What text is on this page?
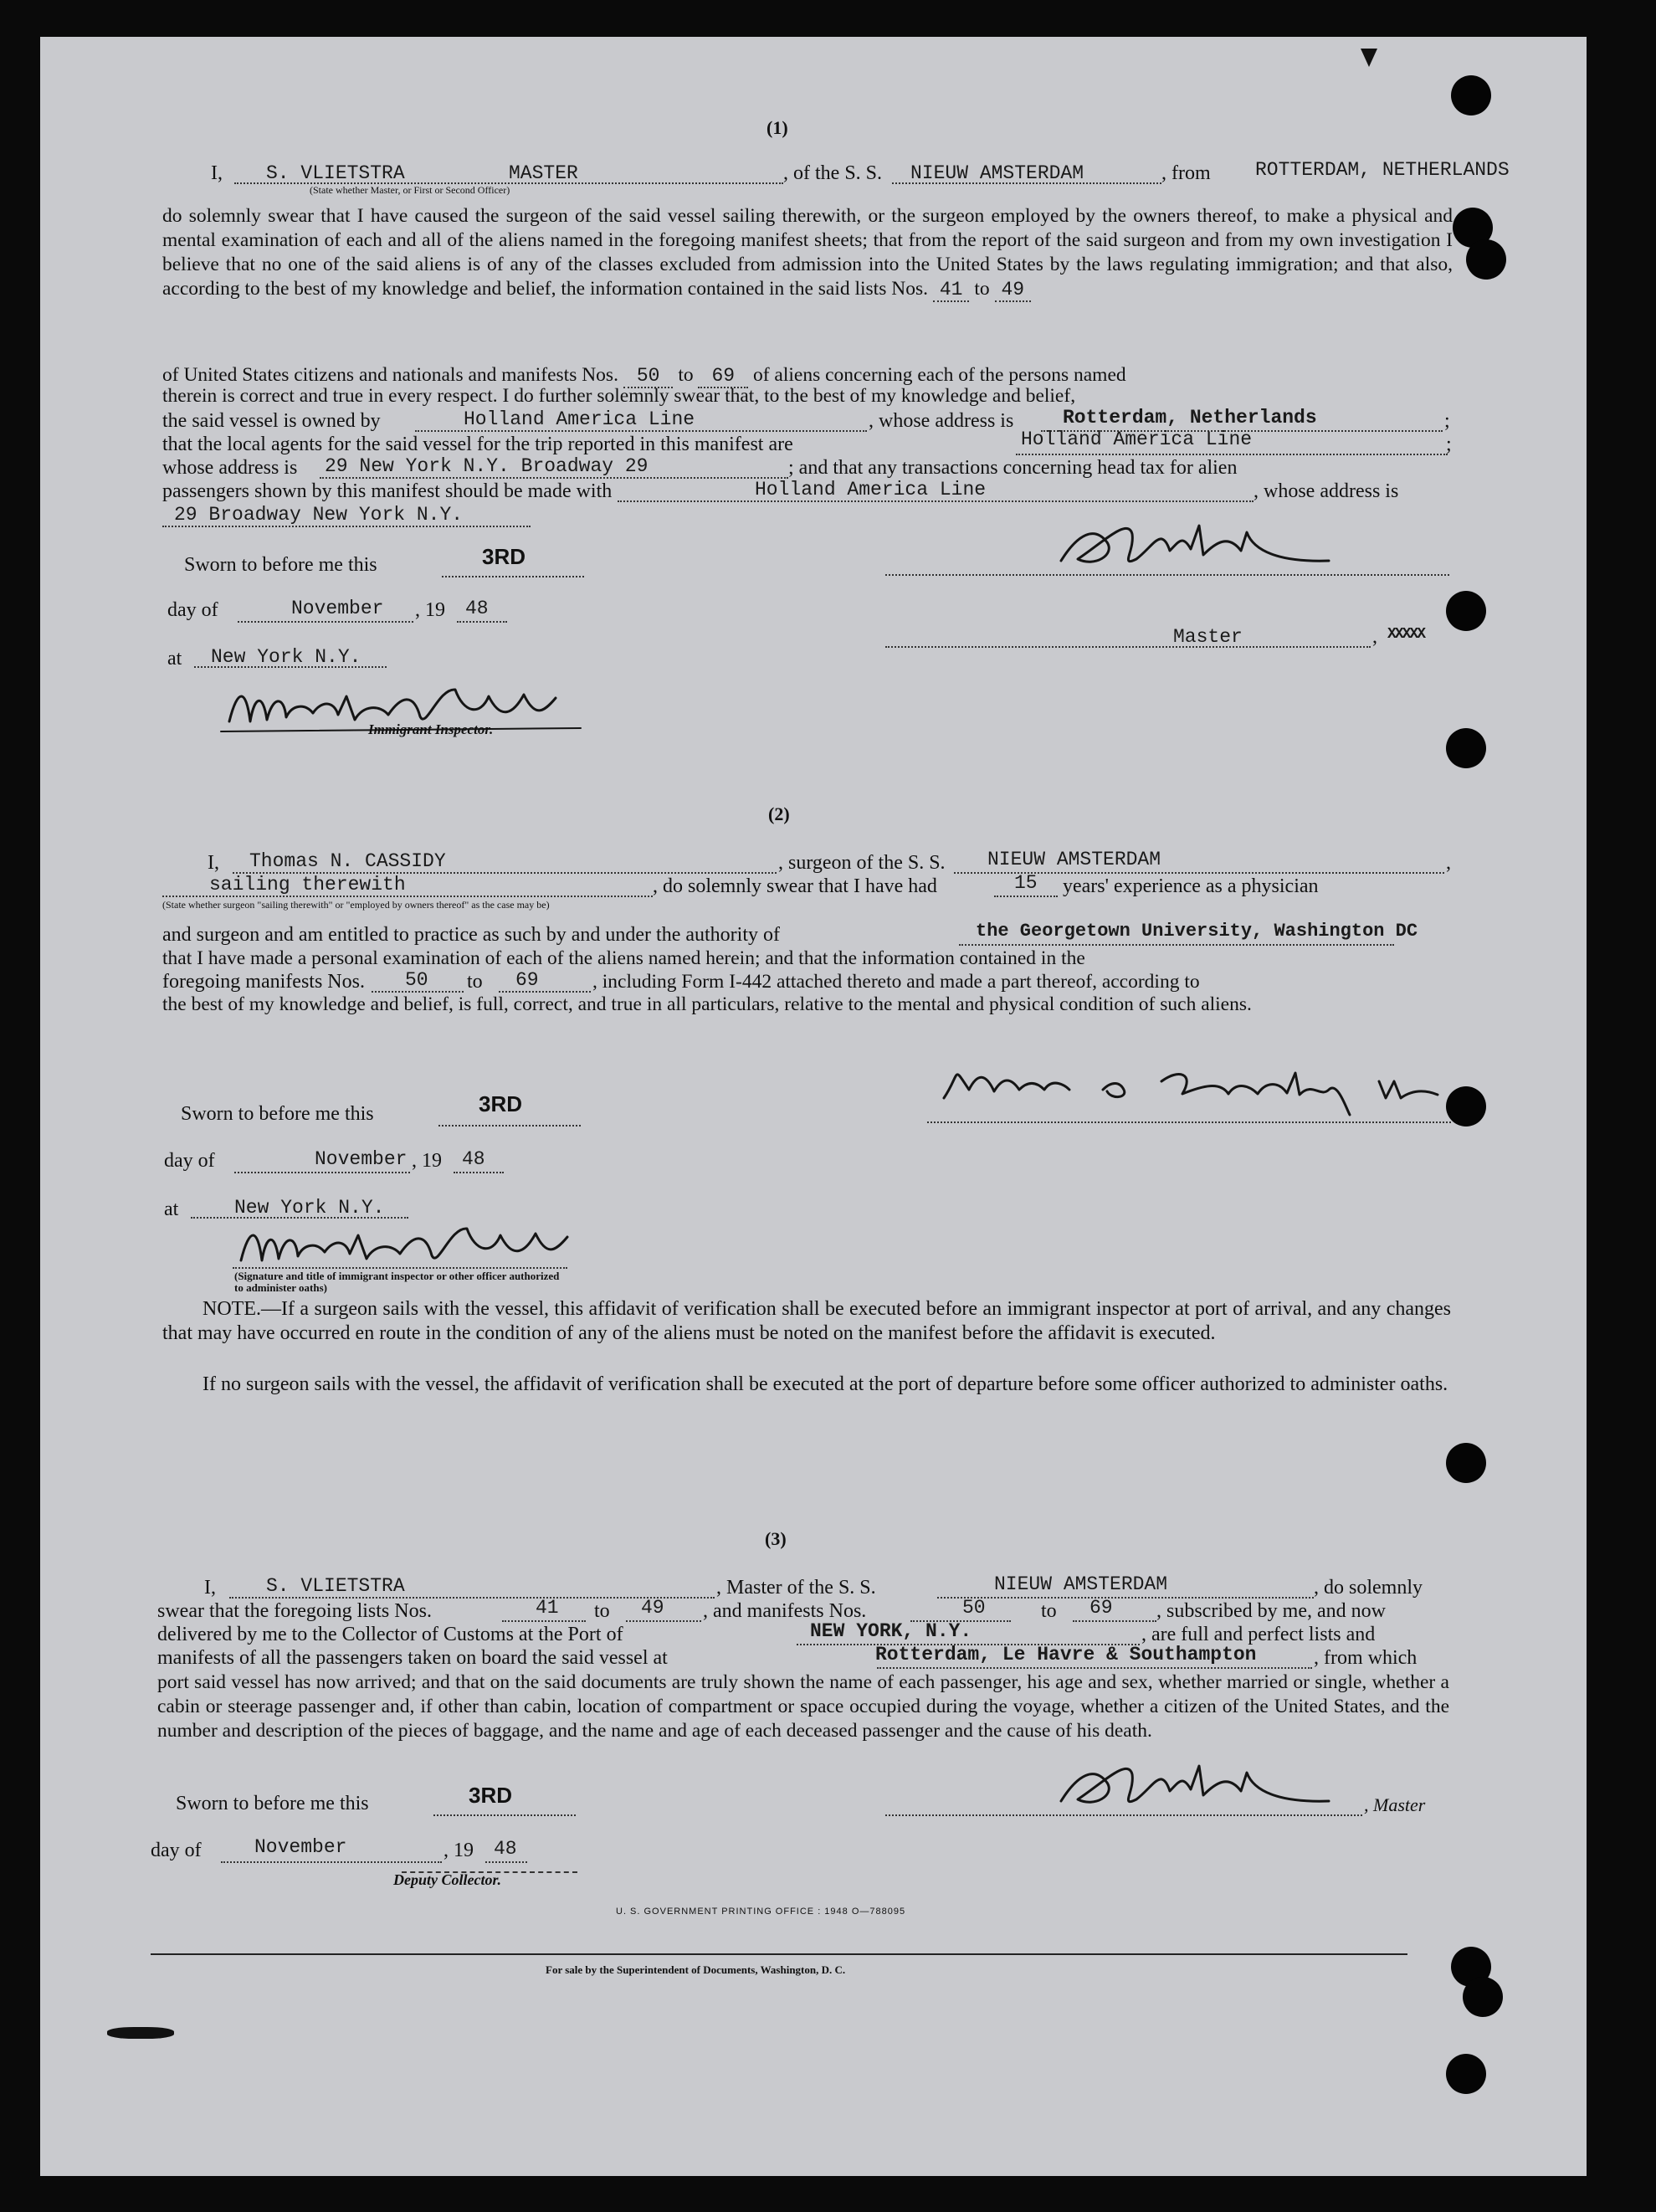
(1)
I, S. VLIETSTRA	MASTER
(State whether Master, or First or Second Officer)
, of the S. S. NIEUW AMSTERDAM	, from ROTTERDAM, NETHERLANDS
do solemnly swear that I have caused the surgeon of the said vessel sailing therewith, or the surgeon employed by the owners thereof, to make a physical and mental examination of each and all of the aliens named in the foregoing manifest sheets; that from the report of the said surgeon and from my own investigation I believe that no one of the said aliens is of any of the classes excluded from admission into the United States by the laws regulating immigration; and that also, according to the best of my knowledge and belief, the information contained in the said lists Nos. 41 to 49
of United States citizens and nationals and manifests Nos. 50 to 69 of aliens concerning each of the persons named
therein is correct and true in every respect. I do further solemnly swear that, to the best of my knowledge and belief,
the said vessel is owned by	Holland America Line	, whose address is	Rotterdam, Netherlands	;
that the local agents for the said vessel for the trip reported in this manifest are	Holland America Line	;
whose address is 29 New York N.Y. Broadway 29	; and that any transactions concerning head tax for alien
passengers shown by this manifest should be made with	Holland America Line	, whose address is
29 Broadway New York N.Y.
Sworn to before me this	3RD
day of	November , 19 48
at New York N.Y.
Immigrant Inspector.
Master	, XXXXX
(2)
I, Thomas N. CASSIDY	, surgeon of the S. S. NIEUW AMSTERDAM	,
sailing therewith	, do solemnly swear that I have had	15 years' experience as a physician
(State whether surgeon "sailing therewith" or "employed by owners thereof" as the case may be)
and surgeon and am entitled to practice as such by and under the authority of	the Georgetown University, Washington DC
that I have made a personal examination of each of the aliens named herein; and that the information contained in the
foregoing manifests Nos. 50 to 69	, including Form I-442 attached thereto and made a part thereof, according to
the best of my knowledge and belief, is full, correct, and true in all particulars, relative to the mental and physical condition of such aliens.
Sworn to before me this	3RD
day of	November , 19 48
at	New York N.Y.
(Signature and title of immigrant inspector or other officer authorized to administer oaths)
NOTE.—If a surgeon sails with the vessel, this affidavit of verification shall be executed before an immigrant inspector at port of arrival, and any changes that may have occurred en route in the condition of any of the aliens must be noted on the manifest before the affidavit is executed.
If no surgeon sails with the vessel, the affidavit of verification shall be executed at the port of departure before some officer authorized to administer oaths.
(3)
I,	S. VLIETSTRA	, Master of the S. S.	NIEUW AMSTERDAM	, do solemnly
swear that the foregoing lists Nos.	41 to 49 , and manifests Nos.	50	to 69 , subscribed by me, and now
delivered by me to the Collector of Customs at the Port of	NEW YORK, N.Y.	, are full and perfect lists and
manifests of all the passengers taken on board the said vessel at	Rotterdam, Le Havre & Southampton	, from which
port said vessel has now arrived; and that on the said documents are truly shown the name of each passenger, his age and sex, whether married or single, whether a cabin or steerage passenger and, if other than cabin, location of compartment or space occupied during the voyage, whether a citizen of the United States, and the number and description of the pieces of baggage, and the name and age of each deceased passenger and the cause of his death.
Sworn to before me this	3RD	, Master
day of	November	, 19 48
Deputy Collector.
U. S. GOVERNMENT PRINTING OFFICE : 1948 O—788095
For sale by the Superintendent of Documents, Washington, D. C.
